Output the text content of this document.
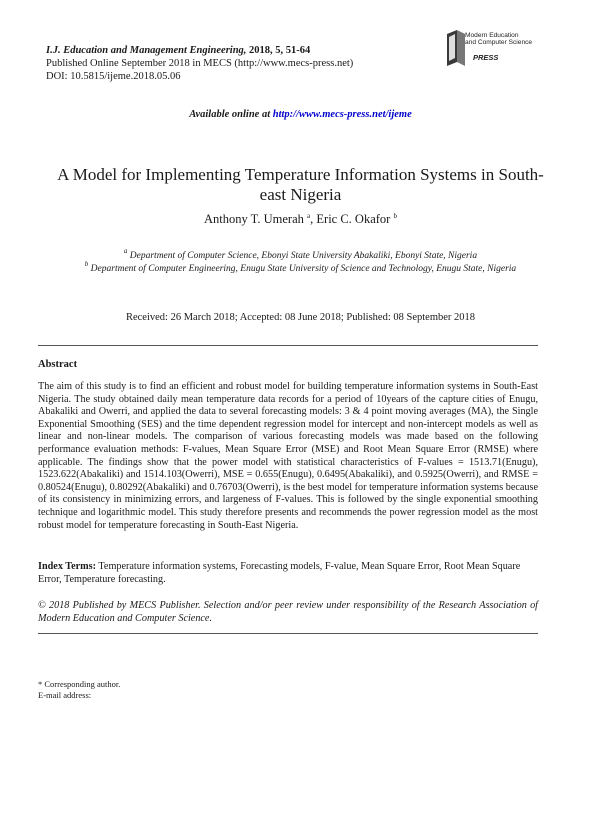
I.J. Education and Management Engineering, 2018, 5, 51-64
Published Online September 2018 in MECS (http://www.mecs-press.net)
DOI: 10.5815/ijeme.2018.05.06
Modern Education
and Computer Science
PRESS
Available online at http://www.mecs-press.net/ijeme
A Model for Implementing Temperature Information Systems in South-east Nigeria
Anthony T. Umerah $^a$, Eric C. Okafor $^b$
$^a$ Department of Computer Science, Ebonyi State University Abakaliki, Ebonyi State, Nigeria
$^b$ Department of Computer Engineering, Enugu State University of Science and Technology, Enugu State, Nigeria
Received: 26 March 2018; Accepted: 08 June 2018; Published: 08 September 2018
Abstract
The aim of this study is to find an efficient and robust model for building temperature information systems in South-East Nigeria. The study obtained daily mean temperature data records for a period of 10years of the capture cities of Enugu, Abakaliki and Owerri, and applied the data to several forecasting models: 3 & 4 point moving averages (MA), the Single Exponential Smoothing (SES) and the time dependent regression model for intercept and non-intercept models as well as linear and non-linear models. The comparison of various forecasting models was made based on the following performance evaluation methods: F-values, Mean Square Error (MSE) and Root Mean Square Error (RMSE) where applicable. The findings show that the power model with statistical characteristics of F-values = 1513.71(Enugu), 1523.622(Abakaliki) and 1514.103(Owerri), MSE = 0.655(Enugu), 0.6495(Abakaliki), and 0.5925(Owerri), and RMSE = 0.80524(Enugu), 0.80292(Abakaliki) and 0.76703(Owerri), is the best model for temperature information systems because of its consistency in minimizing errors, and largeness of F-values. This is followed by the single exponential smoothing technique and logarithmic model. This study therefore presents and recommends the power regression model as the most robust model for temperature forecasting in South-East Nigeria.
Index Terms: Temperature information systems, Forecasting models, F-value, Mean Square Error, Root Mean Square Error, Temperature forecasting.
© 2018 Published by MECS Publisher. Selection and/or peer review under responsibility of the Research Association of Modern Education and Computer Science.
* Corresponding author.
E-mail address:
